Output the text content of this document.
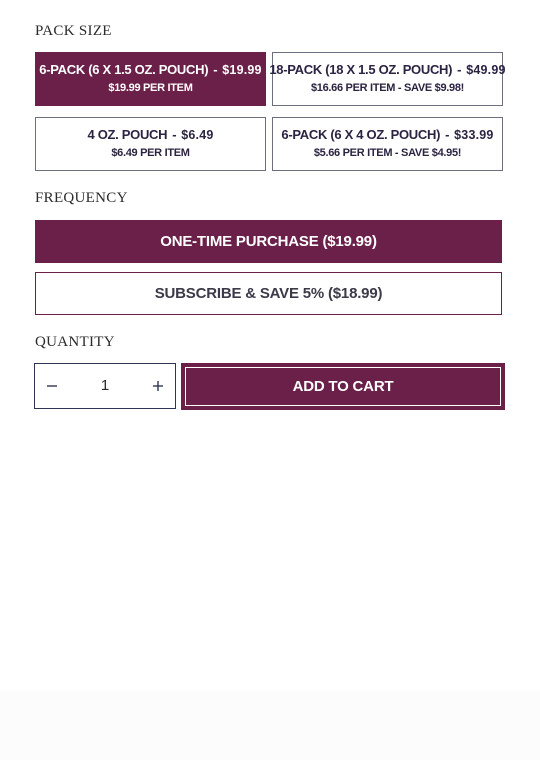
PACK SIZE
6-PACK (6 X 1.5 OZ. POUCH) - $19.99
$19.99 PER ITEM
18-PACK (18 X 1.5 OZ. POUCH) - $49.99
$16.66 PER ITEM - SAVE $9.98!
4 OZ. POUCH - $6.49
$6.49 PER ITEM
6-PACK (6 X 4 OZ. POUCH) - $33.99
$5.66 PER ITEM - SAVE $4.95!
FREQUENCY
ONE-TIME PURCHASE ($19.99)
SUBSCRIBE & SAVE 5% ($18.99)
QUANTITY
1
ADD TO CART
